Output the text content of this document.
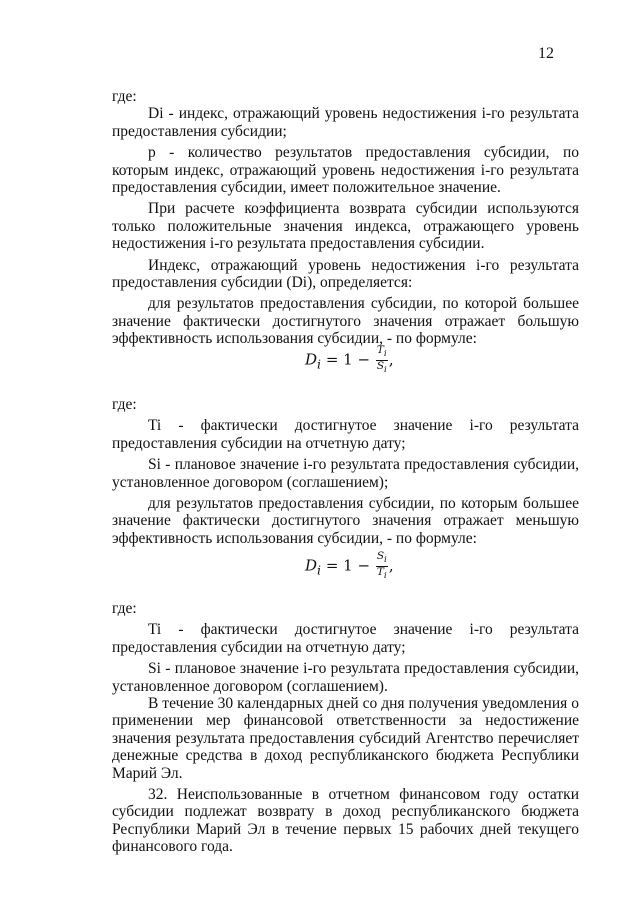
12

где:

Di - индекс, отражающий уровень недостижения i-го результата предоставления субсидии;

p - количество результатов предоставления субсидии, по которым индекс, отражающий уровень недостижения i-го результата предоставления субсидии, имеет положительное значение.

При расчете коэффициента возврата субсидии используются только положительные значения индекса, отражающего уровень недостижения i-го результата предоставления субсидии.

Индекс, отражающий уровень недостижения i-го результата предоставления субсидии (Di), определяется:

для результатов предоставления субсидии, по которой большее значение фактически достигнутого значения отражает большую эффективность использования субсидии, - по формуле:

$D_i = 1 - \frac{T_i}{S_i}$ ,

где:

Ti - фактически достигнутое значение i-го результата предоставления субсидии на отчетную дату;

Si - плановое значение i-го результата предоставления субсидии, установленное договором (соглашением);

для результатов предоставления субсидии, по которым большее значение фактически достигнутого значения отражает меньшую эффективность использования субсидии, - по формуле:

$D_i = 1 - \frac{S_i}{T_i}$ ,

где:

Ti - фактически достигнутое значение i-го результата предоставления субсидии на отчетную дату;

Si - плановое значение i-го результата предоставления субсидии, установленное договором (соглашением).

В течение 30 календарных дней со дня получения уведомления о применении мер финансовой ответственности за недостижение значения результата предоставления субсидий Агентство перечисляет денежные средства в доход республиканского бюджета Республики Марий Эл.

32. Неиспользованные в отчетном финансовом году остатки субсидии подлежат возврату в доход республиканского бюджета Республики Марий Эл в течение первых 15 рабочих дней текущего финансового года.
